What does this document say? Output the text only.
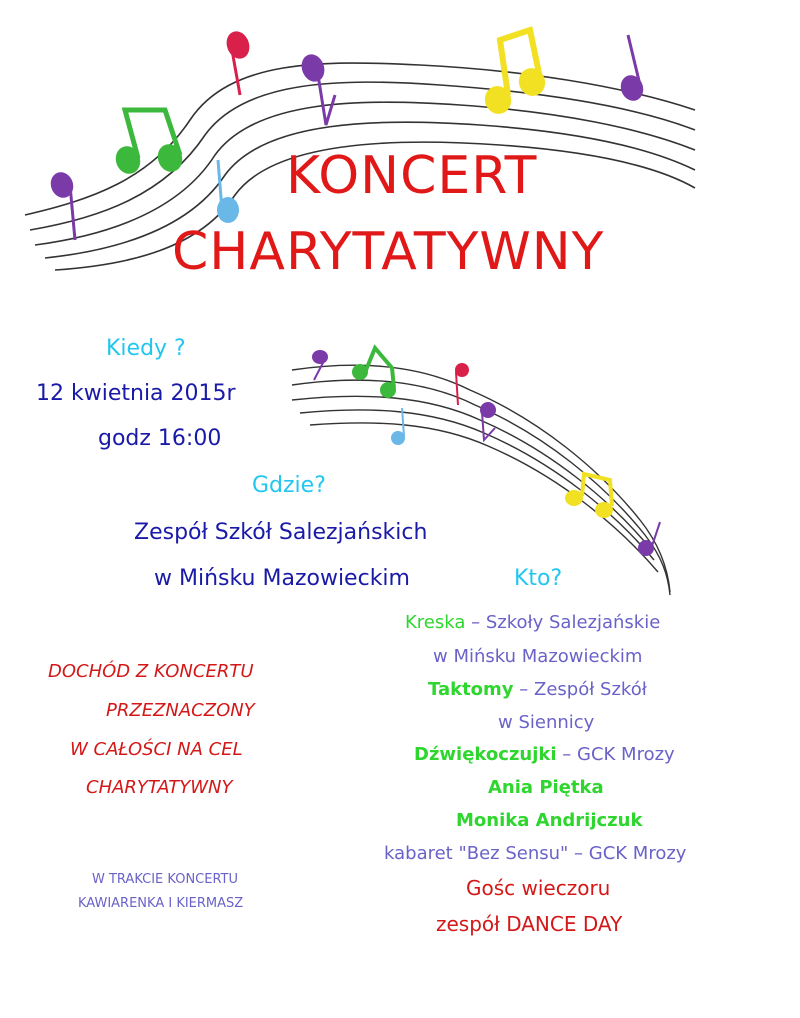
KONCERT
CHARYTATYWNY
Kiedy ?
12 kwietnia 2015r
godz 16:00
Gdzie?
Zespół Szkół Salezjańskich
w Mińsku Mazowieckim	Kto?
Kreska – Szkoły Salezjańskie
w Mińsku Mazowieckim
Taktomy – Zespół Szkół
w Siennicy
Dźwiękoczujki – GCK Mrozy
Ania Piętka
Monika Andrijczuk
kabaret "Bez Sensu" – GCK Mrozy
Gośc wieczoru
zespół DANCE DAY
DOCHÓD Z KONCERTU
PRZEZNACZONY
W CAŁOŚCI NA CEL
CHARYTATYWNY
W TRAKCIE KONCERTU
KAWIARENKA I KIERMASZ
